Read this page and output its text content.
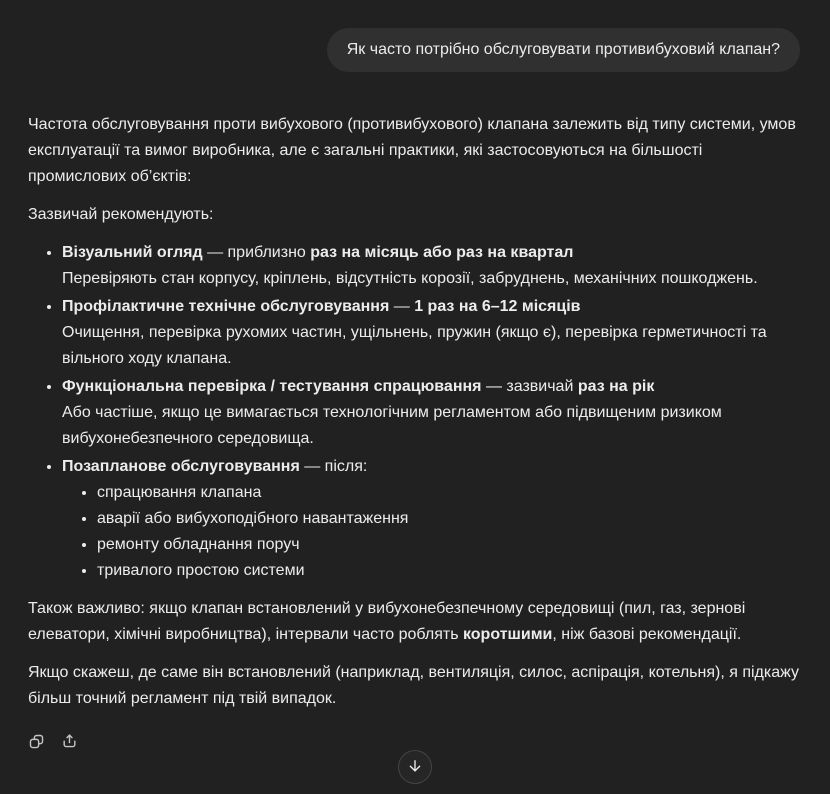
Як часто потрібно обслуговувати противибуховий клапан?

Частота обслуговування проти вибухового (противибухового) клапана залежить від типу системи, умов експлуатації та вимог виробника, але є загальні практики, які застосовуються на більшості промислових об’єктів:

Зазвичай рекомендують:

• Візуальний огляд — приблизно раз на місяць або раз на квартал
Перевіряють стан корпусу, кріплень, відсутність корозії, забруднень, механічних пошкоджень.
• Профілактичне технічне обслуговування — 1 раз на 6–12 місяців
Очищення, перевірка рухомих частин, ущільнень, пружин (якщо є), перевірка герметичності та вільного ходу клапана.
• Функціональна перевірка / тестування спрацювання — зазвичай раз на рік
Або частіше, якщо це вимагається технологічним регламентом або підвищеним ризиком вибухонебезпечного середовища.
• Позапланове обслуговування — після:
• спрацювання клапана
• аварії або вибухоподібного навантаження
• ремонту обладнання поруч
• тривалого простою системи

Також важливо: якщо клапан встановлений у вибухонебезпечному середовищі (пил, газ, зернові елеватори, хімічні виробництва), інтервали часто роблять коротшими, ніж базові рекомендації.

Якщо скажеш, де саме він встановлений (наприклад, вентиляція, силос, аспірація, котельня), я підкажу більш точний регламент під твій випадок.
